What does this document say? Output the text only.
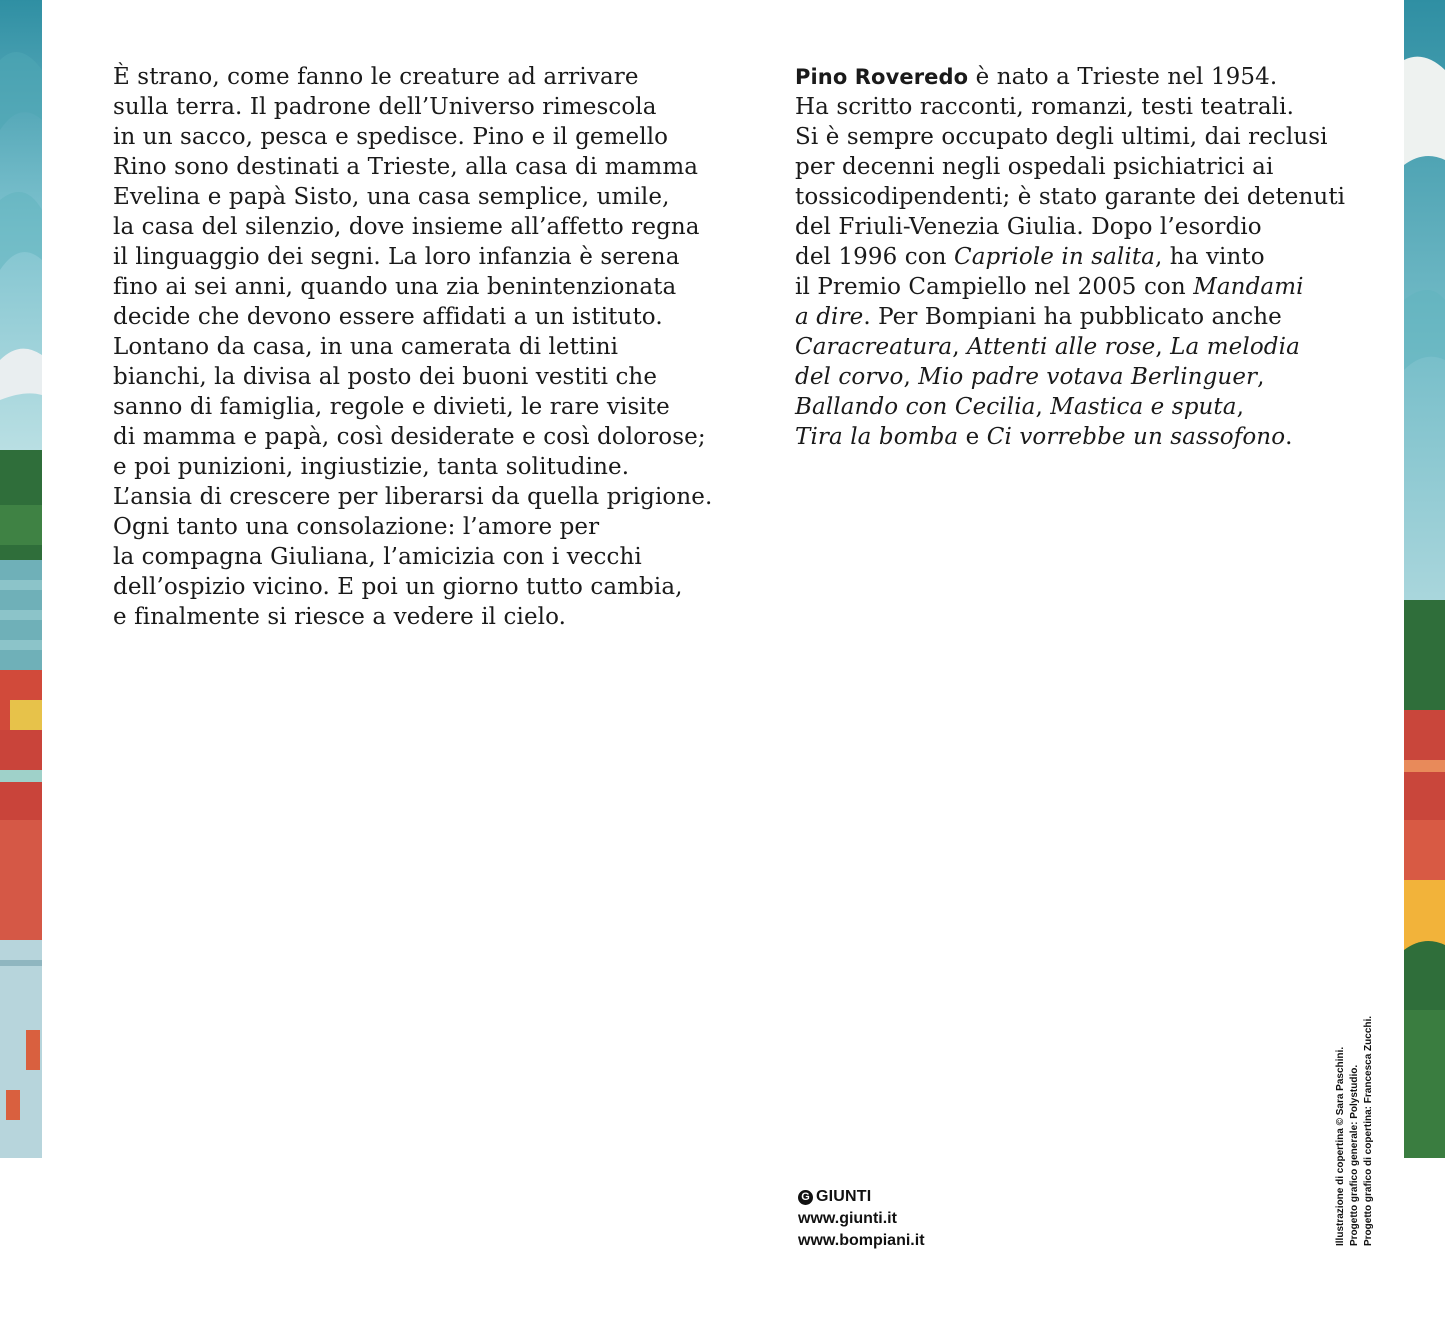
È strano, come fanno le creature ad arrivare
sulla terra. Il padrone dell’Universo rimescola
in un sacco, pesca e spedisce. Pino e il gemello
Rino sono destinati a Trieste, alla casa di mamma
Evelina e papà Sisto, una casa semplice, umile,
la casa del silenzio, dove insieme all’affetto regna
il linguaggio dei segni. La loro infanzia è serena
fino ai sei anni, quando una zia benintenzionata
decide che devono essere affidati a un istituto.
Lontano da casa, in una camerata di lettini
bianchi, la divisa al posto dei buoni vestiti che
sanno di famiglia, regole e divieti, le rare visite
di mamma e papà, così desiderate e così dolorose;
e poi punizioni, ingiustizie, tanta solitudine.
L’ansia di crescere per liberarsi da quella prigione.
Ogni tanto una consolazione: l’amore per
la compagna Giuliana, l’amicizia con i vecchi
dell’ospizio vicino. E poi un giorno tutto cambia,
e finalmente si riesce a vedere il cielo.
Pino Roveredo è nato a Trieste nel 1954.
Ha scritto racconti, romanzi, testi teatrali.
Si è sempre occupato degli ultimi, dai reclusi
per decenni negli ospedali psichiatrici ai
tossicodipendenti; è stato garante dei detenuti
del Friuli-Venezia Giulia. Dopo l’esordio
del 1996 con Capriole in salita, ha vinto
il Premio Campiello nel 2005 con Mandami
a dire. Per Bompiani ha pubblicato anche
Caracreatura, Attenti alle rose, La melodia
del corvo, Mio padre votava Berlinguer,
Ballando con Cecilia, Mastica e sputa,
Tira la bomba e Ci vorrebbe un sassofono.
G GIUNTI
www.giunti.it
www.bompiani.it	Illustrazione di copertina © Sara Paschini. Progetto grafico generale: Polystudio. Progetto grafico di copertina: Francesca Zucchi.
